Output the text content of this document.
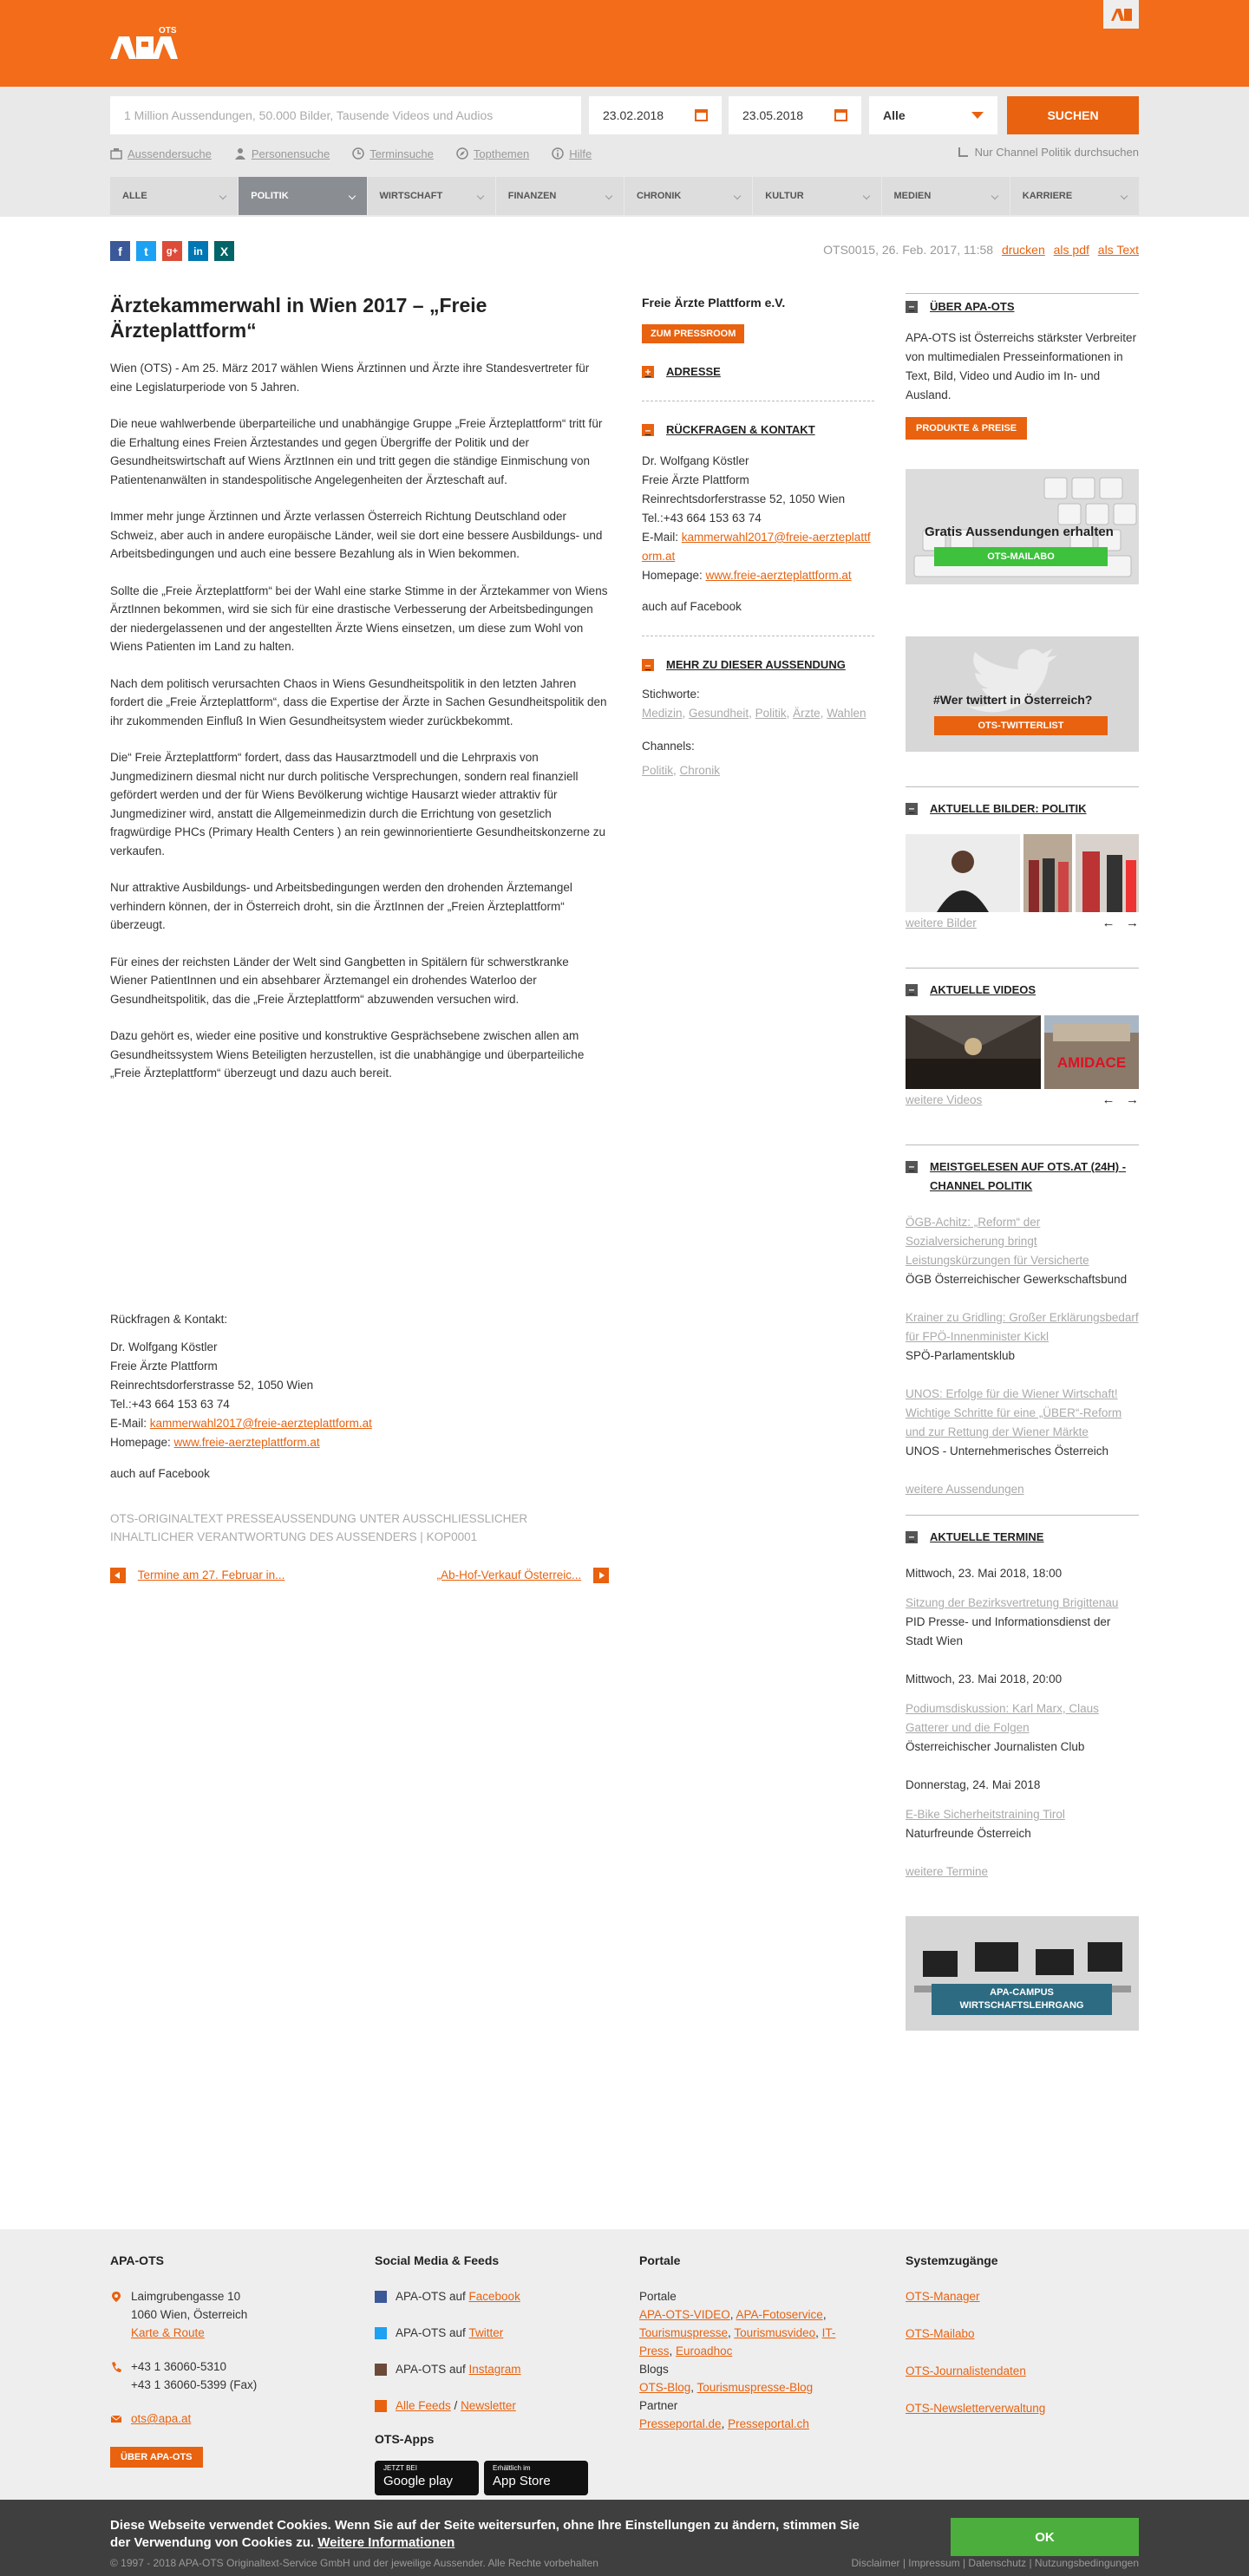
OTS
1 Million Aussendungen, 50.000 Bilder, Tausende Videos und Audios
23.02.2018	23.05.2018	Alle	SUCHEN
Aussendersuche	Personensuche	Terminsuche	Topthemen	Hilfe	Nur Channel Politik durchsuchen
ALLE	POLITIK	WIRTSCHAFT	FINANZEN	CHRONIK	KULTUR	MEDIEN	KARRIERE
f	t	g+	in	X	OTS0015, 26. Feb. 2017, 11:58 drucken als pdf als Text
Ärztekammerwahl in Wien 2017 – „Freie Ärzteplattform“

Wien (OTS) - Am 25. März 2017 wählen Wiens Ärztinnen und Ärzte ihre Standesvertreter für eine Legislaturperiode von 5 Jahren.

Die neue wahlwerbende überparteiliche und unabhängige Gruppe „Freie Ärzteplattform“ tritt für die Erhaltung eines Freien Ärztestandes und gegen Übergriffe der Politik und der Gesundheitswirtschaft auf Wiens ÄrztInnen ein und tritt gegen die ständige Einmischung von Patientenanwälten in standespolitische Angelegenheiten der Ärzteschaft auf.

Immer mehr junge Ärztinnen und Ärzte verlassen Österreich Richtung Deutschland oder Schweiz, aber auch in andere europäische Länder, weil sie dort eine bessere Ausbildungs- und Arbeitsbedingungen und auch eine bessere Bezahlung als in Wien bekommen.

Sollte die „Freie Ärzteplattform“ bei der Wahl eine starke Stimme in der Ärztekammer von Wiens ÄrztInnen bekommen, wird sie sich für eine drastische Verbesserung der Arbeitsbedingungen der niedergelassenen und der angestellten Ärzte Wiens einsetzen, um diese zum Wohl von Wiens Patienten im Land zu halten.

Nach dem politisch verursachten Chaos in Wiens Gesundheitspolitik in den letzten Jahren fordert die „Freie Ärzteplattform“, dass die Expertise der Ärzte in Sachen Gesundheitspolitik den ihr zukommenden Einfluß In Wien Gesundheitsystem wieder zurückbekommt.

Die“ Freie Ärzteplattform“ fordert, dass das Hausarztmodell und die Lehrpraxis von Jungmedizinern diesmal nicht nur durch politische Versprechungen, sondern real finanziell gefördert werden und der für Wiens Bevölkerung wichtige Hausarzt wieder attraktiv für Jungmediziner wird, anstatt die Allgemeinmedizin durch die Errichtung von gesetzlich fragwürdige PHCs (Primary Health Centers ) an rein gewinnorientierte Gesundheitskonzerne zu verkaufen.

Nur attraktive Ausbildungs- und Arbeitsbedingungen werden den drohenden Ärztemangel verhindern können, der in Österreich droht, sin die ÄrztInnen der „Freien Ärzteplattform“ überzeugt.

Für eines der reichsten Länder der Welt sind Gangbetten in Spitälern für schwerstkranke Wiener PatientInnen und ein absehbarer Ärztemangel ein drohendes Waterloo der Gesundheitspolitik, das die „Freie Ärzteplattform“ abzuwenden versuchen wird.

Dazu gehört es, wieder eine positive und konstruktive Gesprächsebene zwischen allen am Gesundheitssystem Wiens Beteiligten herzustellen, ist die unabhängige und überparteiliche „Freie Ärzteplattform“ überzeugt und dazu auch bereit.

Rückfragen & Kontakt:
Dr. Wolfgang Köstler
Freie Ärzte Plattform
Reinrechtsdorferstrasse 52, 1050 Wien
Tel.:+43 664 153 63 74
E-Mail: kammerwahl2017@freie-aerzteplattform.at
Homepage: www.freie-aerzteplattform.at
auch auf Facebook
OTS-ORIGINALTEXT PRESSEAUSSENDUNG UNTER AUSSCHLIESSLICHER INHALTLICHER VERANTWORTUNG DES AUSSENDERS | KOP0001
Termine am 27. Februar in...	„Ab-Hof-Verkauf Österreic...
Freie Ärzte Plattform e.V.
ZUM PRESSROOM
+ ADRESSE
– RÜCKFRAGEN & KONTAKT
Dr. Wolfgang Köstler
Freie Ärzte Plattform
Reinrechtsdorferstrasse 52, 1050 Wien
Tel.:+43 664 153 63 74
E-Mail: kammerwahl2017@freie-aerzteplattform.at
Homepage: www.freie-aerzteplattform.at
auch auf Facebook
– MEHR ZU DIESER AUSSENDUNG
Stichworte:
Medizin, Gesundheit, Politik, Ärzte, Wahlen
Channels:
Politik, Chronik
– ÜBER APA-OTS
APA-OTS ist Österreichs stärkster Verbreiter von multimedialen Presseinformationen in Text, Bild, Video und Audio im In- und Ausland.
PRODUKTE & PREISE
Gratis Aussendungen erhalten
OTS-MAILABO
#Wer twittert in Österreich?
OTS-TWITTERLIST
– AKTUELLE BILDER: POLITIK
weitere Bilder	← →
– AKTUELLE VIDEOS
AMIDACE
weitere Videos	← →
– MEISTGELESEN AUF OTS.AT (24H) - CHANNEL POLITIK
ÖGB-Achitz: „Reform“ der Sozialversicherung bringt Leistungskürzungen für Versicherte
ÖGB Österreichischer Gewerkschaftsbund
Krainer zu Gridling: Großer Erklärungsbedarf für FPÖ-Innenminister Kickl
SPÖ-Parlamentsklub
UNOS: Erfolge für die Wiener Wirtschaft! Wichtige Schritte für eine „ÜBER“-Reform und zur Rettung der Wiener Märkte
UNOS - Unternehmerisches Österreich
weitere Aussendungen
– AKTUELLE TERMINE
Mittwoch, 23. Mai 2018, 18:00
Sitzung der Bezirksvertretung Brigittenau
PID Presse- und Informationsdienst der Stadt Wien
Mittwoch, 23. Mai 2018, 20:00
Podiumsdiskussion: Karl Marx, Claus Gatterer und die Folgen
Österreichischer Journalisten Club
Donnerstag, 24. Mai 2018
E-Bike Sicherheitstraining Tirol
Naturfreunde Österreich
weitere Termine
APA-CAMPUS WIRTSCHAFTSLEHRGANG
APA-OTS
Laimgrubengasse 10
1060 Wien, Österreich
Karte & Route
+43 1 36060-5310
+43 1 36060-5399 (Fax)
ots@apa.at
ÜBER APA-OTS
Social Media & Feeds
APA-OTS auf Facebook
APA-OTS auf Twitter
APA-OTS auf Instagram
Alle Feeds / Newsletter
OTS-Apps
JETZT BEI
Google play
Erhältlich im
App Store
Portale
Portale
APA-OTS-VIDEO, APA-Fotoservice, Tourismuspresse, Tourismusvideo, IT-Press, Euroadhoc
Blogs
OTS-Blog, Tourismuspresse-Blog
Partner
Presseportal.de, Presseportal.ch
Systemzugänge
OTS-Manager
OTS-Mailabo
OTS-Journalistendaten
OTS-Newsletterverwaltung
Diese Webseite verwendet Cookies. Wenn Sie auf der Seite weitersurfen, ohne Ihre Einstellungen zu ändern, stimmen Sie der Verwendung von Cookies zu. Weitere Informationen	OK
© 1997 - 2018 APA-OTS Originaltext-Service GmbH und der jeweilige Aussender. Alle Rechte vorbehalten	Disclaimer | Impressum | Datenschutz | Nutzungsbedingungen
